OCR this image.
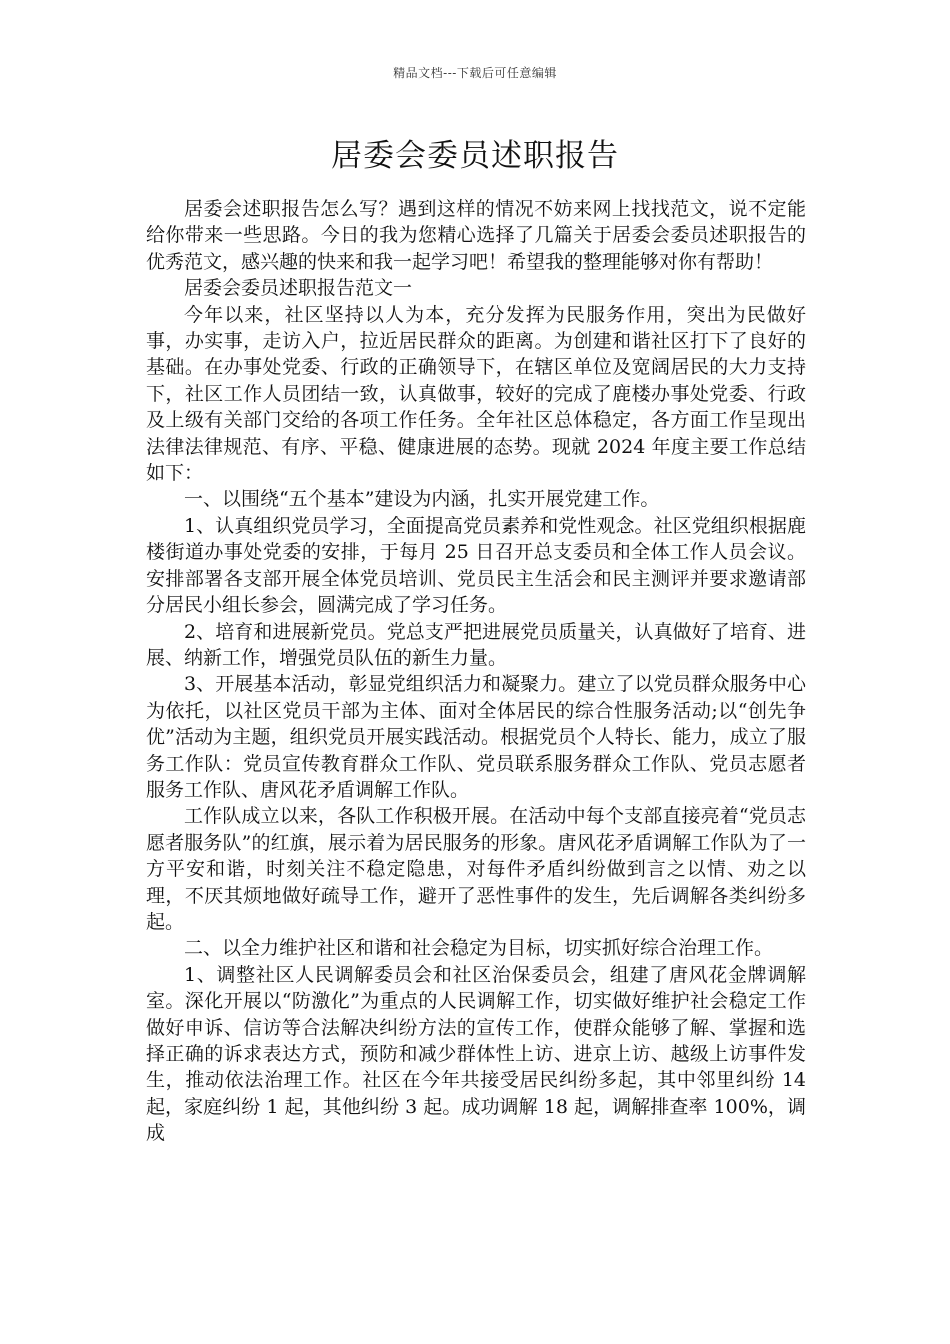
精品文档---下载后可任意编辑
居委会委员述职报告

居委会述职报告怎么写？遇到这样的情况不妨来网上找找范文，说不定能给你带来一些思路。今日的我为您精心选择了几篇关于居委会委员述职报告的优秀范文，感兴趣的快来和我一起学习吧！希望我的整理能够对你有帮助！

居委会委员述职报告范文一

今年以来，社区坚持以人为本，充分发挥为民服务作用，突出为民做好事，办实事，走访入户，拉近居民群众的距离。为创建和谐社区打下了良好的基础。在办事处党委、行政的正确领导下，在辖区单位及宽阔居民的大力支持下，社区工作人员团结一致，认真做事，较好的完成了鹿楼办事处党委、行政及上级有关部门交给的各项工作任务。全年社区总体稳定，各方面工作呈现出法律法律规范、有序、平稳、健康进展的态势。现就 2024 年度主要工作总结如下：

一、以围绕“五个基本”建设为内涵，扎实开展党建工作。

1、认真组织党员学习，全面提高党员素养和党性观念。社区党组织根据鹿楼街道办事处党委的安排，于每月 25 日召开总支委员和全体工作人员会议。安排部署各支部开展全体党员培训、党员民主生活会和民主测评并要求邀请部分居民小组长参会，圆满完成了学习任务。

2、培育和进展新党员。党总支严把进展党员质量关，认真做好了培育、进展、纳新工作，增强党员队伍的新生力量。

3、开展基本活动，彰显党组织活力和凝聚力。建立了以党员群众服务中心为依托，以社区党员干部为主体、面对全体居民的综合性服务活动;以“创先争优”活动为主题，组织党员开展实践活动。根据党员个人特长、能力，成立了服务工作队：党员宣传教育群众工作队、党员联系服务群众工作队、党员志愿者服务工作队、唐风花矛盾调解工作队。

工作队成立以来，各队工作积极开展。在活动中每个支部直接亮着“党员志愿者服务队”的红旗，展示着为居民服务的形象。唐风花矛盾调解工作队为了一方平安和谐，时刻关注不稳定隐患，对每件矛盾纠纷做到言之以情、劝之以理，不厌其烦地做好疏导工作，避开了恶性事件的发生，先后调解各类纠纷多起。

二、以全力维护社区和谐和社会稳定为目标，切实抓好综合治理工作。

1、调整社区人民调解委员会和社区治保委员会，组建了唐风花金牌调解室。深化开展以“防激化”为重点的人民调解工作，切实做好维护社会稳定工作做好申诉、信访等合法解决纠纷方法的宣传工作，使群众能够了解、掌握和选择正确的诉求表达方式，预防和减少群体性上访、进京上访、越级上访事件发生，推动依法治理工作。社区在今年共接受居民纠纷多起，其中邻里纠纷 14 起，家庭纠纷 1 起，其他纠纷 3 起。成功调解 18 起，调解排查率 100%，调成
